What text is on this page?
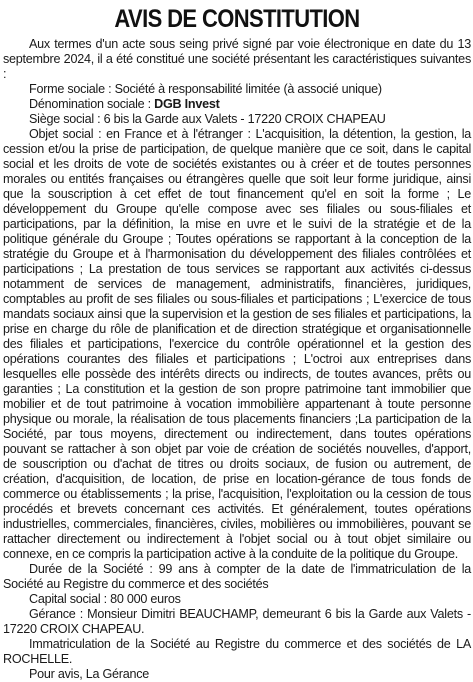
AVIS DE CONSTITUTION

Aux termes d'un acte sous seing privé signé par voie électronique en date du 13 septembre 2024, il a été constitué une société présentant les caractéristiques suivantes :

Forme sociale : Société à responsabilité limitée (à associé unique)

Dénomination sociale : DGB Invest

Siège social : 6 bis la Garde aux Valets - 17220 CROIX CHAPEAU

Objet social : en France et à l'étranger : L'acquisition, la détention, la gestion, la cession et/ou la prise de participation, de quelque manière que ce soit, dans le capital social et les droits de vote de sociétés existantes ou à créer et de toutes personnes morales ou entités françaises ou étrangères quelle que soit leur forme juridique, ainsi que la souscription à cet effet de tout financement qu'el en soit la forme ; Le développement du Groupe qu'elle compose avec ses filiales ou sous-filiales et participations, par la définition, la mise en uvre et le suivi de la stratégie et de la politique générale du Groupe ; Toutes opérations se rapportant à la conception de la stratégie du Groupe et à l'harmonisation du développement des filiales contrôlées et participations ; La prestation de tous services se rapportant aux activités ci-dessus notamment de services de management, administratifs, financières, juridiques, comptables au profit de ses filiales ou sous-filiales et participations ; L'exercice de tous mandats sociaux ainsi que la supervision et la gestion de ses filiales et participations, la prise en charge du rôle de planification et de direction stratégique et organisationnelle des filiales et participations, l'exercice du contrôle opérationnel et la gestion des opérations courantes des filiales et participations ; L'octroi aux entreprises dans lesquelles elle possède des intérêts directs ou indirects, de toutes avances, prêts ou garanties ; La constitution et la gestion de son propre patrimoine tant immobilier que mobilier et de tout patrimoine à vocation immobilière appartenant à toute personne physique ou morale, la réalisation de tous placements financiers ;La participation de la Société, par tous moyens, directement ou indirectement, dans toutes opérations pouvant se rattacher à son objet par voie de création de sociétés nouvelles, d'apport, de souscription ou d'achat de titres ou droits sociaux, de fusion ou autrement, de création, d'acquisition, de location, de prise en location-gérance de tous fonds de commerce ou établissements ; la prise, l'acquisition, l'exploitation ou la cession de tous procédés et brevets concernant ces activités. Et généralement, toutes opérations industrielles, commerciales, financières, civiles, mobilières ou immobilières, pouvant se rattacher directement ou indirectement à l'objet social ou à tout objet similaire ou connexe, en ce compris la participation active à la conduite de la politique du Groupe.

Durée de la Société : 99 ans à compter de la date de l'immatriculation de la Société au Registre du commerce et des sociétés

Capital social : 80 000 euros

Gérance : Monsieur Dimitri BEAUCHAMP, demeurant 6 bis la Garde aux Valets - 17220 CROIX CHAPEAU.

Immatriculation de la Société au Registre du commerce et des sociétés de LA ROCHELLE.

Pour avis, La Gérance
